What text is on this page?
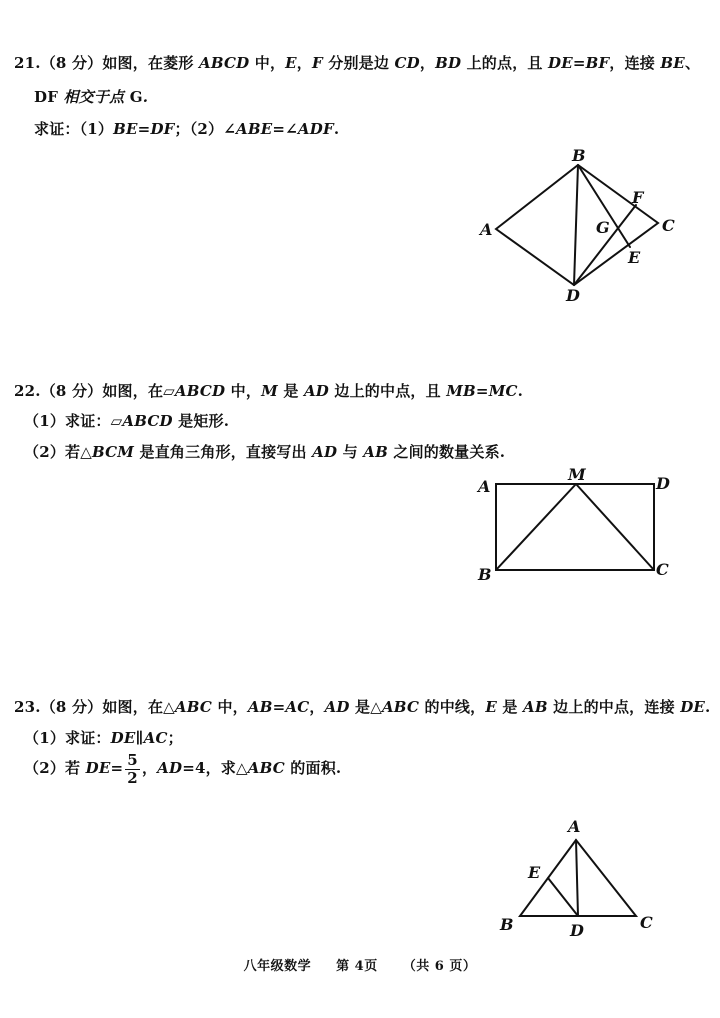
21.（8 分）如图，在菱形 ABCD 中，E，F 分别是边 CD，BD 上的点，且 DE=BF，连接 BE、
DF 相交于点 G.
求证：（1）BE=DF；（2）∠ABE=∠ADF.
A
B
C
D
E
F
G
22.（8 分）如图，在▱ABCD 中，M 是 AD 边上的中点，且 MB=MC.
（1）求证：▱ABCD 是矩形.
（2）若△BCM 是直角三角形，直接写出 AD 与 AB 之间的数量关系.
A
M	D
B	C
23.（8 分）如图，在△ABC 中，AB=AC，AD 是△ABC 的中线，E 是 AB 边上的中点，连接 DE.
（1）求证：DE∥AC；
（2）若 $DE= \frac{5}{2}$ ，AD=4，求△ABC 的面积.
A
B	C
D
E
八年级数学 第 4页 （共 6 页）
